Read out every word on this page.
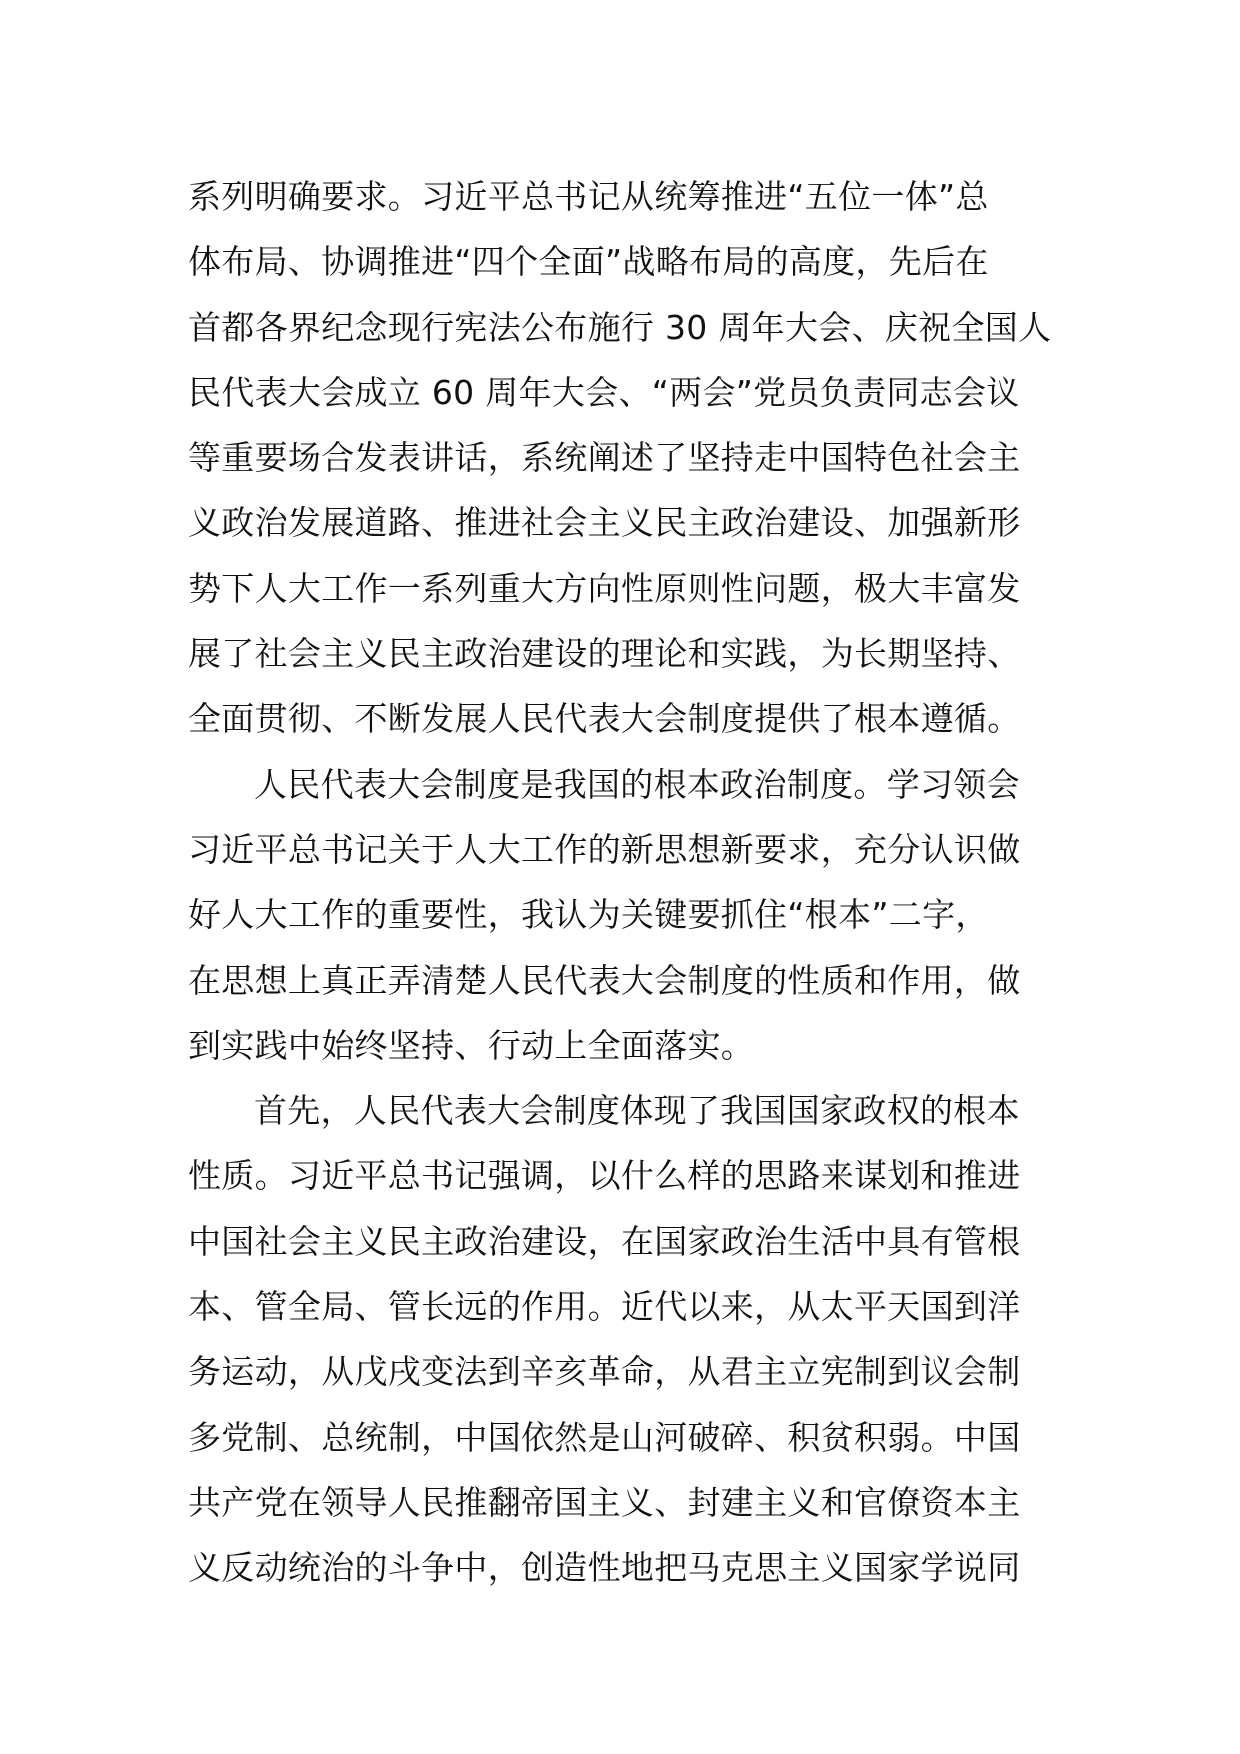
系列明确要求。习近平总书记从统筹推进“五位一体”总
体布局、协调推进“四个全面”战略布局的高度，先后在
首都各界纪念现行宪法公布施行 30 周年大会、庆祝全国人
民代表大会成立 60 周年大会、“两会”党员负责同志会议
等重要场合发表讲话，系统阐述了坚持走中国特色社会主
义政治发展道路、推进社会主义民主政治建设、加强新形
势下人大工作一系列重大方向性原则性问题，极大丰富发
展了社会主义民主政治建设的理论和实践，为长期坚持、
全面贯彻、不断发展人民代表大会制度提供了根本遵循。
人民代表大会制度是我国的根本政治制度。学习领会
习近平总书记关于人大工作的新思想新要求，充分认识做
好人大工作的重要性，我认为关键要抓住“根本”二字，
在思想上真正弄清楚人民代表大会制度的性质和作用，做
到实践中始终坚持、行动上全面落实。
首先，人民代表大会制度体现了我国国家政权的根本
性质。习近平总书记强调，以什么样的思路来谋划和推进
中国社会主义民主政治建设，在国家政治生活中具有管根
本、管全局、管长远的作用。近代以来，从太平天国到洋
务运动，从戊戌变法到辛亥革命，从君主立宪制到议会制
多党制、总统制，中国依然是山河破碎、积贫积弱。中国
共产党在领导人民推翻帝国主义、封建主义和官僚资本主
义反动统治的斗争中，创造性地把马克思主义国家学说同
